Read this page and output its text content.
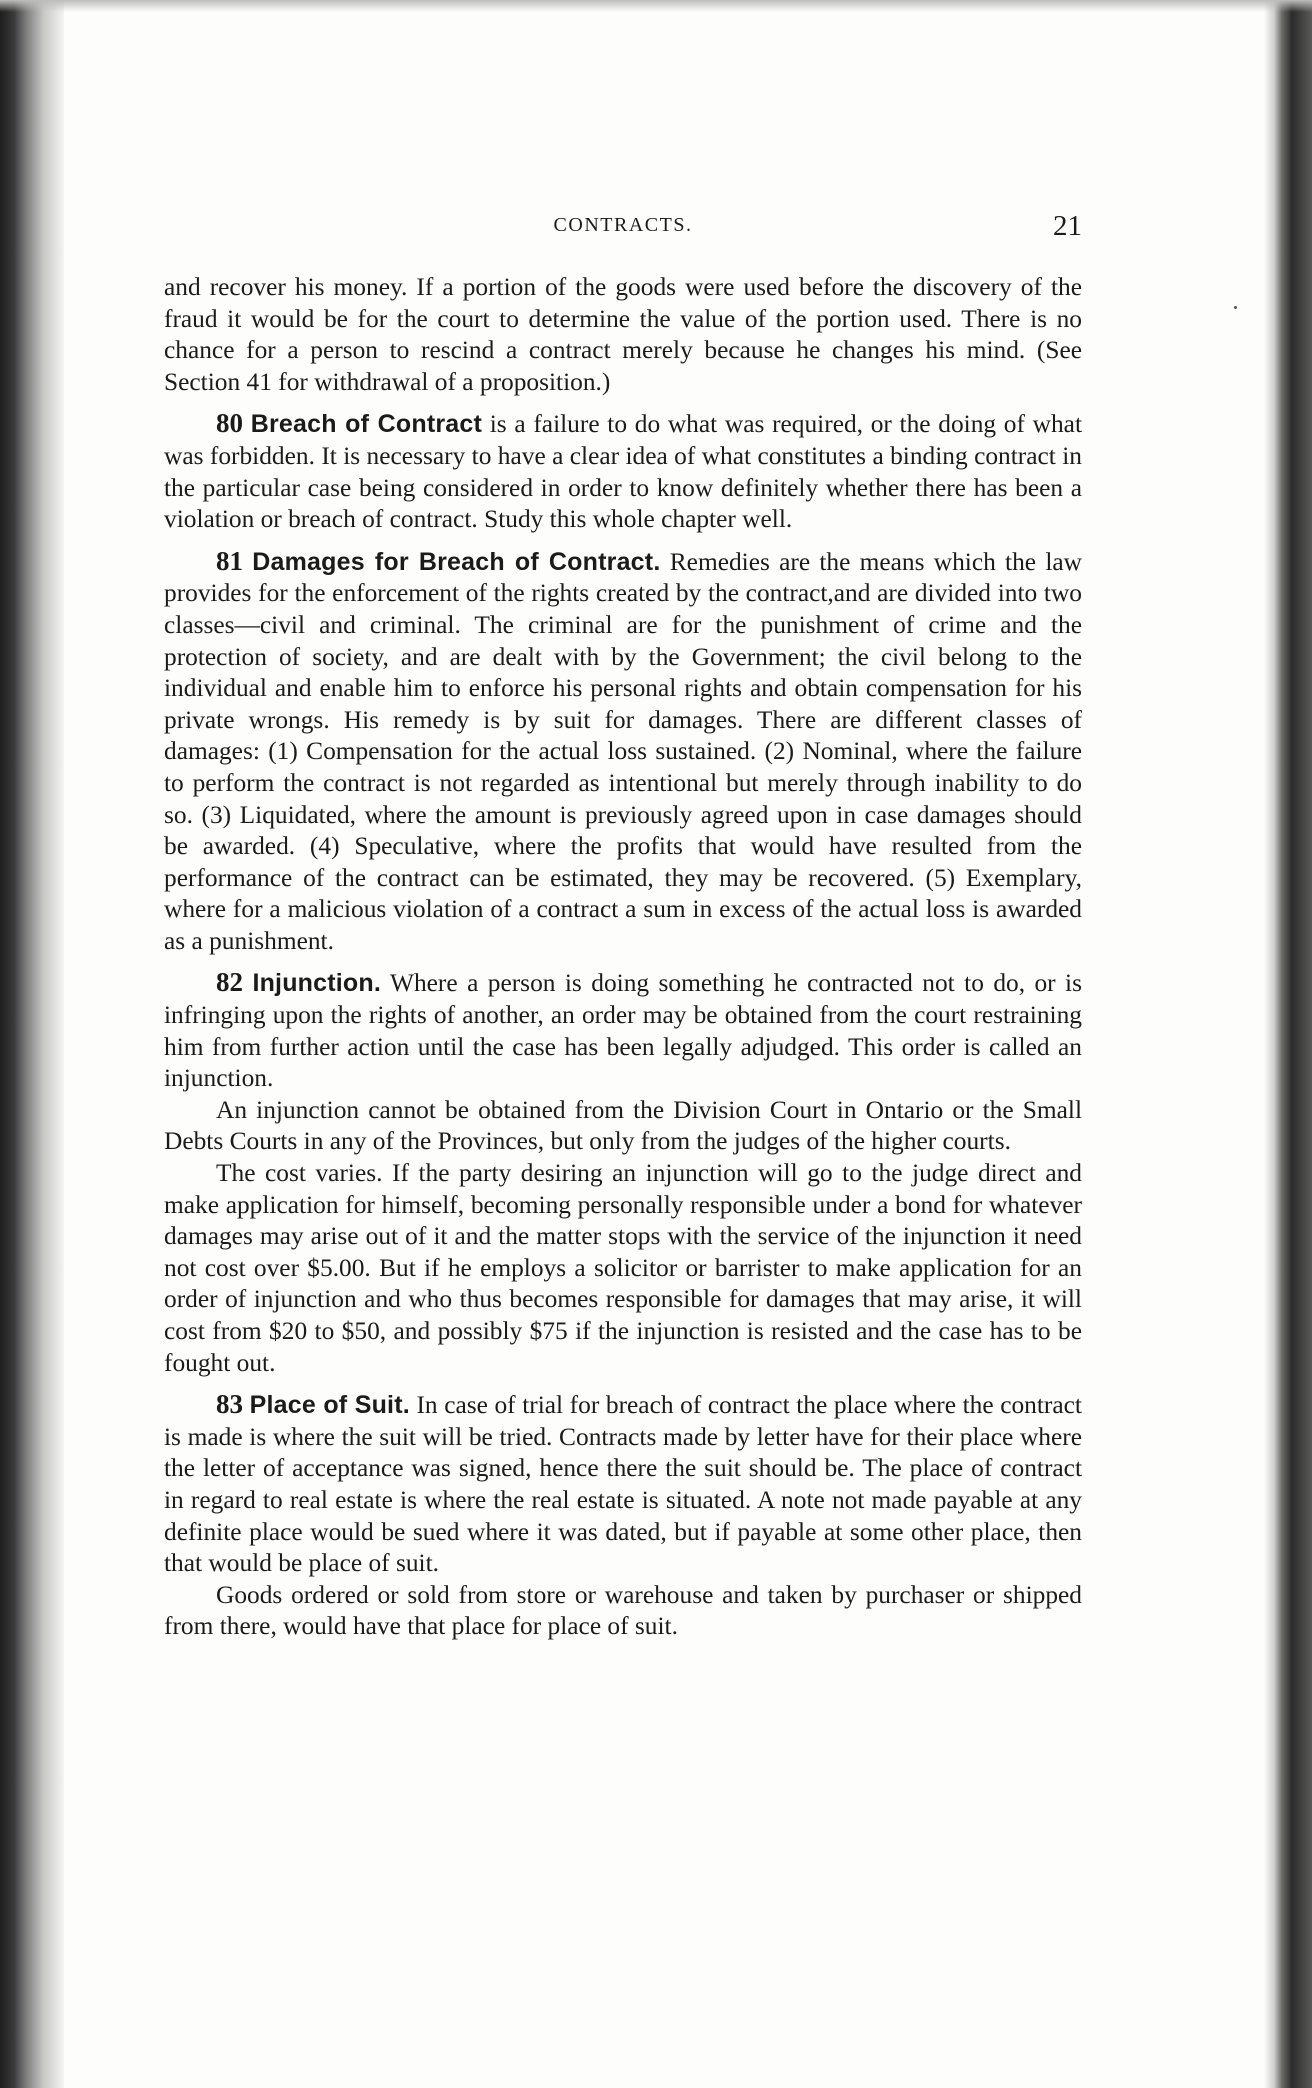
CONTRACTS.	21

and recover his money. If a portion of the goods were used before the discovery of the fraud it would be for the court to determine the value of the portion used. There is no chance for a person to rescind a contract merely because he changes his mind. (See Section 41 for withdrawal of a proposition.)

80 Breach of Contract is a failure to do what was required, or the doing of what was forbidden. It is necessary to have a clear idea of what constitutes a binding contract in the particular case being considered in order to know definitely whether there has been a violation or breach of contract. Study this whole chapter well.

81 Damages for Breach of Contract. Remedies are the means which the law provides for the enforcement of the rights created by the contract,and are divided into two classes—civil and criminal. The criminal are for the punishment of crime and the protection of society, and are dealt with by the Government; the civil belong to the individual and enable him to enforce his personal rights and obtain compensation for his private wrongs. His remedy is by suit for damages. There are different classes of damages: (1) Compensation for the actual loss sustained. (2) Nominal, where the failure to perform the contract is not regarded as intentional but merely through inability to do so. (3) Liquidated, where the amount is previously agreed upon in case damages should be awarded. (4) Speculative, where the profits that would have resulted from the performance of the contract can be estimated, they may be recovered. (5) Exemplary, where for a malicious violation of a contract a sum in excess of the actual loss is awarded as a punishment.

82 Injunction. Where a person is doing something he contracted not to do, or is infringing upon the rights of another, an order may be obtained from the court restraining him from further action until the case has been legally adjudged. This order is called an injunction.

An injunction cannot be obtained from the Division Court in Ontario or the Small Debts Courts in any of the Provinces, but only from the judges of the higher courts.

The cost varies. If the party desiring an injunction will go to the judge direct and make application for himself, becoming personally responsible under a bond for whatever damages may arise out of it and the matter stops with the service of the injunction it need not cost over $5.00. But if he employs a solicitor or barrister to make application for an order of injunction and who thus becomes responsible for damages that may arise, it will cost from $20 to $50, and possibly $75 if the injunction is resisted and the case has to be fought out.

83 Place of Suit. In case of trial for breach of contract the place where the contract is made is where the suit will be tried. Contracts made by letter have for their place where the letter of acceptance was signed, hence there the suit should be. The place of contract in regard to real estate is where the real estate is situated. A note not made payable at any definite place would be sued where it was dated, but if payable at some other place, then that would be place of suit.

Goods ordered or sold from store or warehouse and taken by purchaser or shipped from there, would have that place for place of suit.
